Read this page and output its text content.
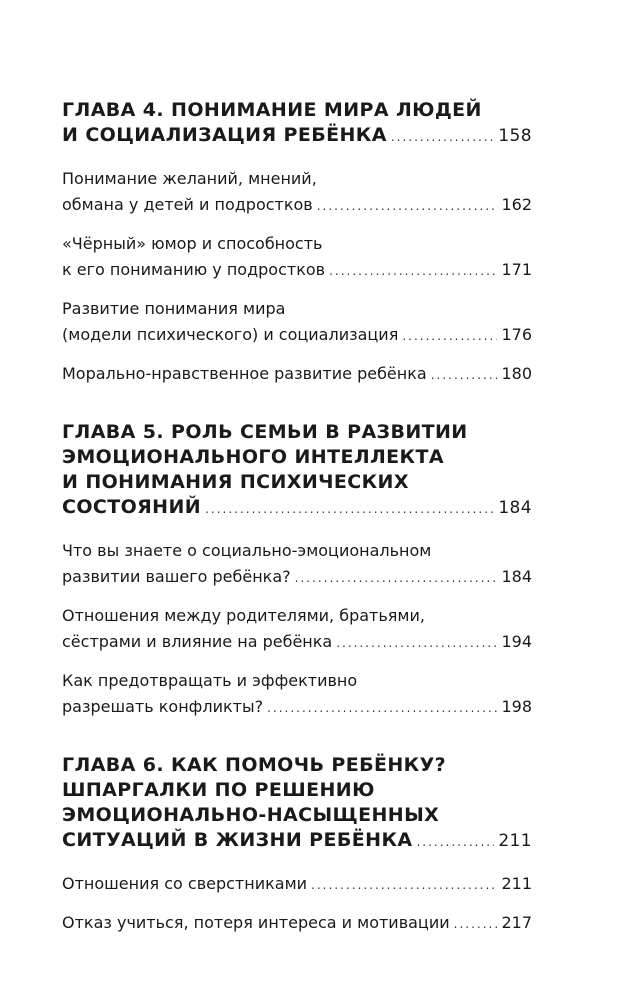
ГЛАВА 4. ПОНИМАНИЕ МИРА ЛЮДЕЙ
И СОЦИАЛИЗАЦИЯ РЕБЁНКА .....	158
Понимание желаний, мнений,
обмана у детей и подростков .....	162
«Чёрный» юмор и способность
к его пониманию у подростков .....	171
Развитие понимания мира
(модели психического) и социализация .....	176
Морально-нравственное развитие ребёнка .....	180
ГЛАВА 5. РОЛЬ СЕМЬИ В РАЗВИТИИ
ЭМОЦИОНАЛЬНОГО ИНТЕЛЛЕКТА
И ПОНИМАНИЯ ПСИХИЧЕСКИХ
СОСТОЯНИЙ .....	184
Что вы знаете о социально-эмоциональном
развитии вашего ребёнка? .....	184
Отношения между родителями, братьями,
сёстрами и влияние на ребёнка .....	194
Как предотвращать и эффективно
разрешать конфликты? .....	198
ГЛАВА 6. КАК ПОМОЧЬ РЕБЁНКУ?
ШПАРГАЛКИ ПО РЕШЕНИЮ
ЭМОЦИОНАЛЬНО-НАСЫЩЕННЫХ
СИТУАЦИЙ В ЖИЗНИ РЕБЁНКА .....	211
Отношения со сверстниками .....	211
Отказ учиться, потеря интереса и мотивации .....	217
